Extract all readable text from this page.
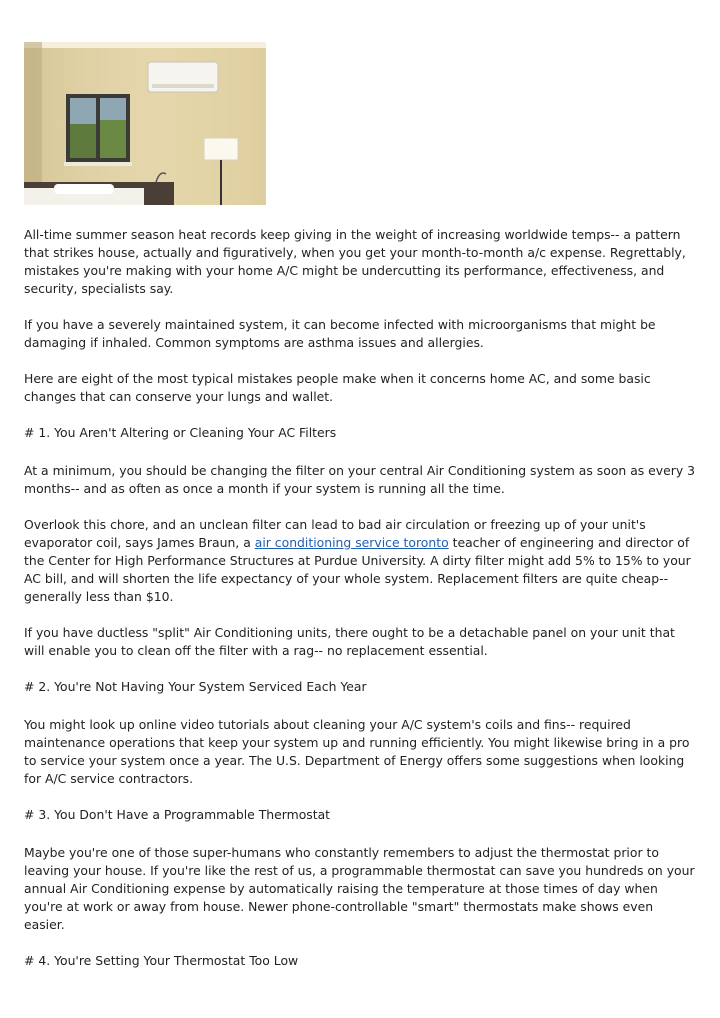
All-time summer season heat records keep giving in the weight of increasing worldwide temps-- a pattern that strikes house, actually and figuratively, when you get your month-to-month a/c expense. Regrettably, mistakes you're making with your home A/C might be undercutting its performance, effectiveness, and security, specialists say.

If you have a severely maintained system, it can become infected with microorganisms that might be damaging if inhaled. Common symptoms are asthma issues and allergies.

Here are eight of the most typical mistakes people make when it concerns home AC, and some basic changes that can conserve your lungs and wallet.

# 1. You Aren't Altering or Cleaning Your AC Filters

At a minimum, you should be changing the filter on your central Air Conditioning system as soon as every 3 months-- and as often as once a month if your system is running all the time.

Overlook this chore, and an unclean filter can lead to bad air circulation or freezing up of your unit's evaporator coil, says James Braun, a air conditioning service toronto teacher of engineering and director of the Center for High Performance Structures at Purdue University. A dirty filter might add 5% to 15% to your AC bill, and will shorten the life expectancy of your whole system. Replacement filters are quite cheap-- generally less than $10.

If you have ductless "split" Air Conditioning units, there ought to be a detachable panel on your unit that will enable you to clean off the filter with a rag-- no replacement essential.

# 2. You're Not Having Your System Serviced Each Year

You might look up online video tutorials about cleaning your A/C system's coils and fins-- required maintenance operations that keep your system up and running efficiently. You might likewise bring in a pro to service your system once a year. The U.S. Department of Energy offers some suggestions when looking for A/C service contractors.

# 3. You Don't Have a Programmable Thermostat

Maybe you're one of those super-humans who constantly remembers to adjust the thermostat prior to leaving your house. If you're like the rest of us, a programmable thermostat can save you hundreds on your annual Air Conditioning expense by automatically raising the temperature at those times of day when you're at work or away from house. Newer phone-controllable "smart" thermostats make shows even easier.

# 4. You're Setting Your Thermostat Too Low
